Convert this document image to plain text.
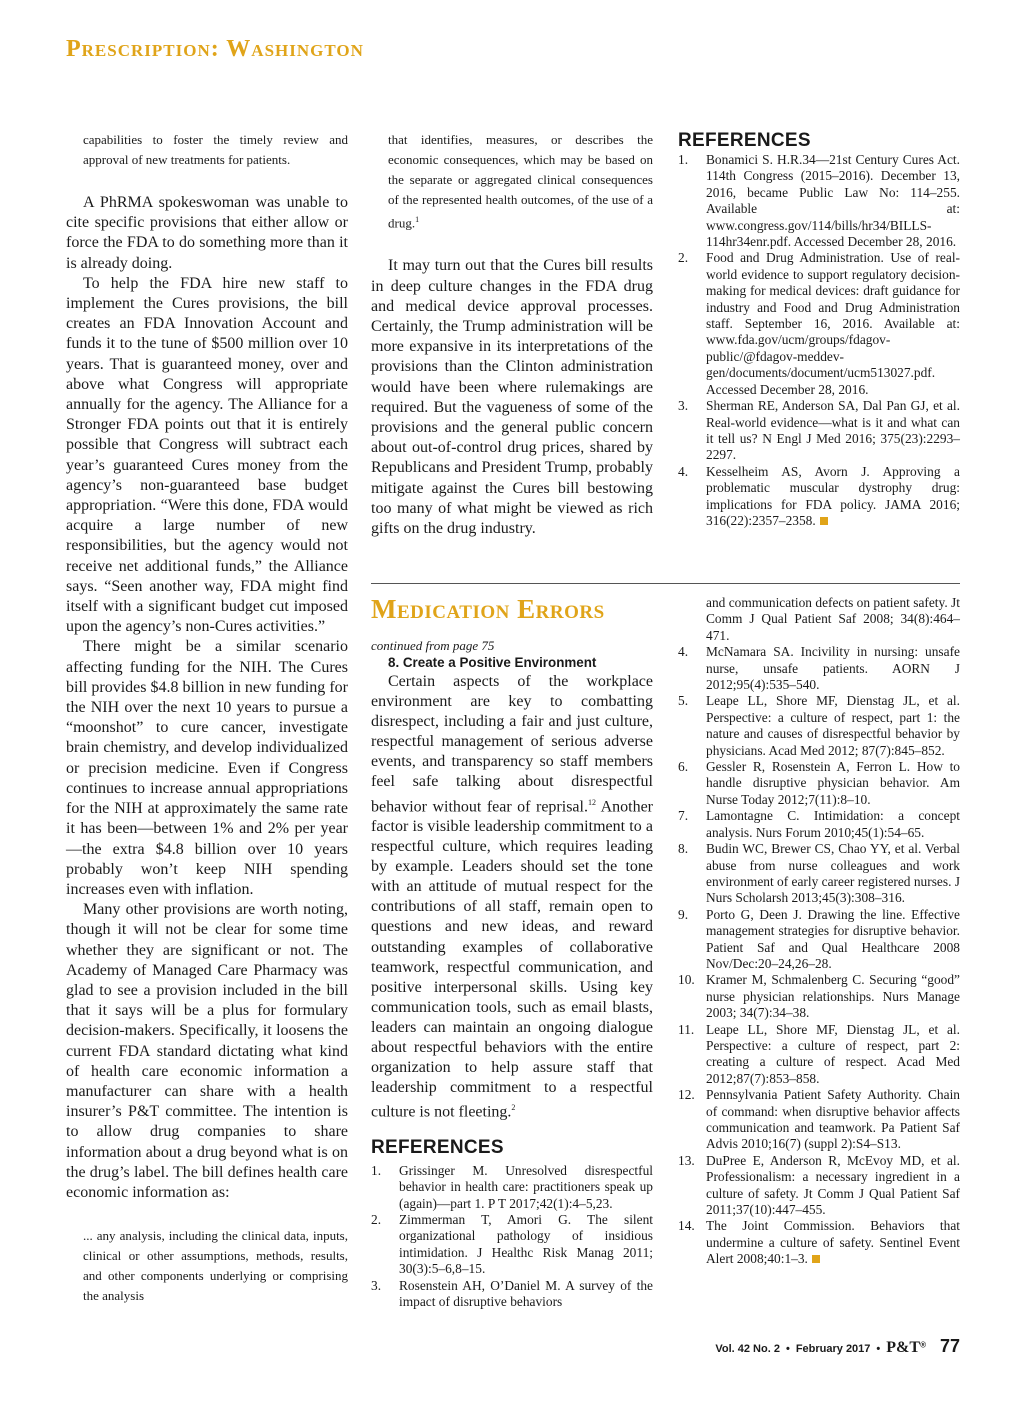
Prescription: Washington

capabilities to foster the timely review and approval of new treatments for patients.

A PhRMA spokeswoman was unable to cite specific provisions that either allow or force the FDA to do something more than it is already doing.

To help the FDA hire new staff to implement the Cures provisions, the bill creates an FDA Innovation Account and funds it to the tune of $500 million over 10 years. That is guaranteed money, over and above what Congress will appropriate annually for the agency. The Alliance for a Stronger FDA points out that it is entirely possible that Congress will subtract each year’s guaranteed Cures money from the agency’s non-guaranteed base budget appropriation. “Were this done, FDA would acquire a large number of new responsibilities, but the agency would not receive net additional funds,” the Alliance says. “Seen another way, FDA might find itself with a significant budget cut imposed upon the agency’s non-Cures activities.”

There might be a similar scenario affecting funding for the NIH. The Cures bill provides $4.8 billion in new funding for the NIH over the next 10 years to pursue a “moonshot” to cure cancer, investigate brain chemistry, and develop individualized or precision medicine. Even if Congress continues to increase annual appropriations for the NIH at approximately the same rate it has been—between 1% and 2% per year—the extra $4.8 billion over 10 years probably won’t keep NIH spending increases even with inflation.

Many other provisions are worth noting, though it will not be clear for some time whether they are significant or not. The Academy of Managed Care Pharmacy was glad to see a provision included in the bill that it says will be a plus for formulary decision-makers. Specifically, it loosens the current FDA standard dictating what kind of health care economic information a manufacturer can share with a health insurer’s P&T committee. The intention is to allow drug companies to share information about a drug beyond what is on the drug’s label. The bill defines health care economic information as:

... any analysis, including the clinical data, inputs, clinical or other assumptions, methods, results, and other components underlying or comprising the analysis

that identifies, measures, or describes the economic consequences, which may be based on the separate or aggregated clinical consequences of the represented health outcomes, of the use of a drug.$^1$

It may turn out that the Cures bill results in deep culture changes in the FDA drug and medical device approval processes. Certainly, the Trump administration will be more expansive in its interpretations of the provisions than the Clinton administration would have been where rulemakings are required. But the vagueness of some of the provisions and the general public concern about out-of-control drug prices, shared by Republicans and President Trump, probably mitigate against the Cures bill bestowing too many of what might be viewed as rich gifts on the drug industry.

REFERENCES
1. Bonamici S. H.R.34—21st Century Cures Act. 114th Congress (2015–2016). December 13, 2016, became Public Law No: 114–255. Available at: www.congress.gov/114/bills/hr34/BILLS-114hr34enr.pdf. Accessed December 28, 2016.
2. Food and Drug Administration. Use of real-world evidence to support regulatory decision-making for medical devices: draft guidance for industry and Food and Drug Administration staff. September 16, 2016. Available at: www.fda.gov/ucm/groups/fdagov-public/@fdagov-meddev-gen/documents/document/ucm513027.pdf. Accessed December 28, 2016.
3. Sherman RE, Anderson SA, Dal Pan GJ, et al. Real-world evidence—what is it and what can it tell us? N Engl J Med 2016; 375(23):2293–2297.
4. Kesselheim AS, Avorn J. Approving a problematic muscular dystrophy drug: implications for FDA policy. JAMA 2016; 316(22):2357–2358.
Medication Errors
continued from page 75
8. Create a Positive Environment

Certain aspects of the workplace environment are key to combatting disrespect, including a fair and just culture, respectful management of serious adverse events, and transparency so staff members feel safe talking about disrespectful behavior without fear of reprisal.$^{12}$ Another factor is visible leadership commitment to a respectful culture, which requires leading by example. Leaders should set the tone with an attitude of mutual respect for the contributions of all staff, remain open to questions and new ideas, and reward outstanding examples of collaborative teamwork, respectful communication, and positive interpersonal skills. Using key communication tools, such as email blasts, leaders can maintain an ongoing dialogue about respectful behaviors with the entire organization to help assure staff that leadership commitment to a respectful culture is not fleeting.$^2$

REFERENCES
1. Grissinger M. Unresolved disrespectful behavior in health care: practitioners speak up (again)—part 1. P T 2017;42(1):4–5,23.
2. Zimmerman T, Amori G. The silent organizational pathology of insidious intimidation. J Healthc Risk Manag 2011; 30(3):5–6,8–15.
3. Rosenstein AH, O’Daniel M. A survey of the impact of disruptive behaviors
and communication defects on patient safety. Jt Comm J Qual Patient Saf 2008; 34(8):464–471.
4. McNamara SA. Incivility in nursing: unsafe nurse, unsafe patients. AORN J 2012;95(4):535–540.
5. Leape LL, Shore MF, Dienstag JL, et al. Perspective: a culture of respect, part 1: the nature and causes of disrespectful behavior by physicians. Acad Med 2012; 87(7):845–852.
6. Gessler R, Rosenstein A, Ferron L. How to handle disruptive physician behavior. Am Nurse Today 2012;7(11):8–10.
7. Lamontagne C. Intimidation: a concept analysis. Nurs Forum 2010;45(1):54–65.
8. Budin WC, Brewer CS, Chao YY, et al. Verbal abuse from nurse colleagues and work environment of early career registered nurses. J Nurs Scholarsh 2013;45(3):308–316.
9. Porto G, Deen J. Drawing the line. Effective management strategies for disruptive behavior. Patient Saf and Qual Healthcare 2008 Nov/Dec:20–24,26–28.
10. Kramer M, Schmalenberg C. Securing “good” nurse physician relationships. Nurs Manage 2003; 34(7):34–38.
11. Leape LL, Shore MF, Dienstag JL, et al. Perspective: a culture of respect, part 2: creating a culture of respect. Acad Med 2012;87(7):853–858.
12. Pennsylvania Patient Safety Authority. Chain of command: when disruptive behavior affects communication and teamwork. Pa Patient Saf Advis 2010;16(7) (suppl 2):S4–S13.
13. DuPree E, Anderson R, McEvoy MD, et al. Professionalism: a necessary ingredient in a culture of safety. Jt Comm J Qual Patient Saf 2011;37(10):447–455.
14. The Joint Commission. Behaviors that undermine a culture of safety. Sentinel Event Alert 2008;40:1–3.
Vol. 42 No. 2 • February 2017 • P&T® 77
